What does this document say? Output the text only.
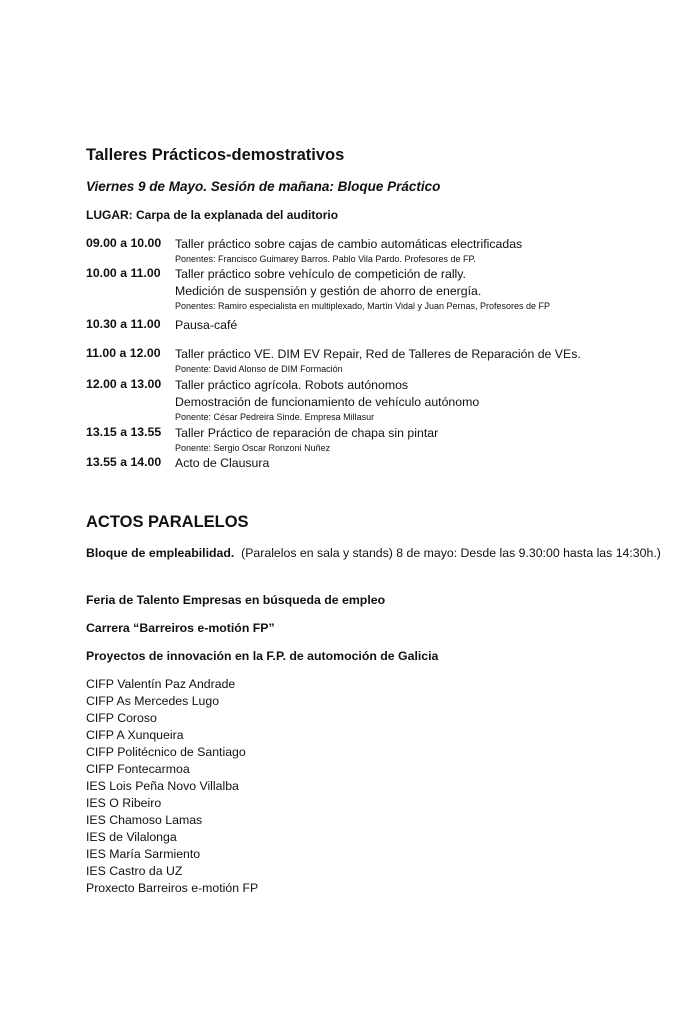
Talleres Prácticos-demostrativos
Viernes 9 de Mayo. Sesión de mañana: Bloque Práctico
LUGAR: Carpa de la explanada del auditorio
09.00 a 10.00 Taller práctico sobre cajas de cambio automáticas electrificadas
Ponentes: Francisco Guimarey Barros. Pablo Vila Pardo. Profesores de FP.
10.00 a 11.00 Taller práctico sobre vehículo de competición de rally.
Medición de suspensión y gestión de ahorro de energía.
Ponentes: Ramiro especialista en multiplexado, Martín Vidal y Juan Pernas, Profesores de FP
10.30 a 11.00 Pausa-café
11.00 a 12.00 Taller práctico VE. DIM EV Repair, Red de Talleres de Reparación de VEs.
Ponente: David Alonso de DIM Formación
12.00 a 13.00 Taller práctico agrícola. Robots autónomos
Demostración de funcionamiento de vehículo autónomo
Ponente: César Pedreira Sinde. Empresa Millasur
13.15 a 13.55 Taller Práctico de reparación de chapa sin pintar
Ponente: Sergio Oscar Ronzoni Nuñez
13.55 a 14.00 Acto de Clausura
ACTOS PARALELOS
Bloque de empleabilidad. (Paralelos en sala y stands) 8 de mayo: Desde las 9.30:00 hasta las 14:30h.)
Feria de Talento Empresas en búsqueda de empleo
Carrera “Barreiros e-motión FP”
Proyectos de innovación en la F.P. de automoción de Galicia
CIFP Valentín Paz Andrade
CIFP As Mercedes Lugo
CIFP Coroso
CIFP A Xunqueira
CIFP Politécnico de Santiago
CIFP Fontecarmoa
IES Lois Peña Novo Villalba
IES O Ribeiro
IES Chamoso Lamas
IES de Vilalonga
IES María Sarmiento
IES Castro da UZ
Proxecto Barreiros e-motión FP
